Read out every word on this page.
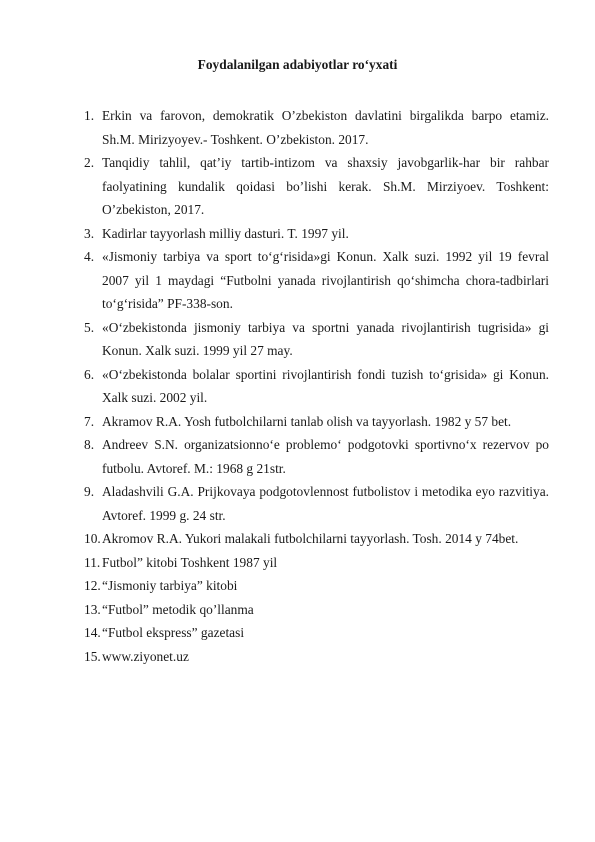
Foydalanilgan adabiyotlar ro‘yxati
1. Erkin va farovon, demokratik O’zbekiston davlatini birgalikda barpo etamiz. Sh.M. Mirizyoyev.- Toshkent. O’zbekiston. 2017.
2. Tanqidiy tahlil, qat’iy tartib-intizom va shaxsiy javobgarlik-har bir rahbar faolyatining kundalik qoidasi bo’lishi kerak. Sh.M. Mirziyoev. Toshkent: O’zbekiston, 2017.
3. Kadirlar tayyorlash milliy dasturi. T. 1997 yil.
4. «Jismoniy tarbiya va sport to‘g‘risida»gi Konun. Xalk suzi. 1992 yil 19 fevral 2007 yil 1 maydagi “Futbolni yanada rivojlantirish qo‘shimcha chora-tadbirlari to‘g‘risida” PF-338-son.
5. «O‘zbekistonda jismoniy tarbiya va sportni yanada rivojlantirish tugrisida» gi Konun. Xalk suzi. 1999 yil 27 may.
6. «O‘zbekistonda bolalar sportini rivojlantirish fondi tuzish to‘grisida» gi Konun. Xalk suzi. 2002 yil.
7. Akramov R.A. Yosh futbolchilarni tanlab olish va tayyorlash. 1982 y 57 bet.
8. Andreev S.N. organizatsionno‘e problemo‘ podgotovki sportivno‘x rezervov po futbolu. Avtoref. M.: 1968 g 21str.
9. Aladashvili G.A. Prijkovaya podgotovlennost futbolistov i metodika eyo razvitiya. Avtoref. 1999 g. 24 str.
10. Akromov R.A. Yukori malakali futbolchilarni tayyorlash. Tosh. 2014 y 74bet.
11. Futbol” kitobi Toshkent 1987 yil
12. “Jismoniy tarbiya” kitobi
13. “Futbol” metodik qo’llanma
14. “Futbol ekspress” gazetasi
15. www.ziyonet.uz
